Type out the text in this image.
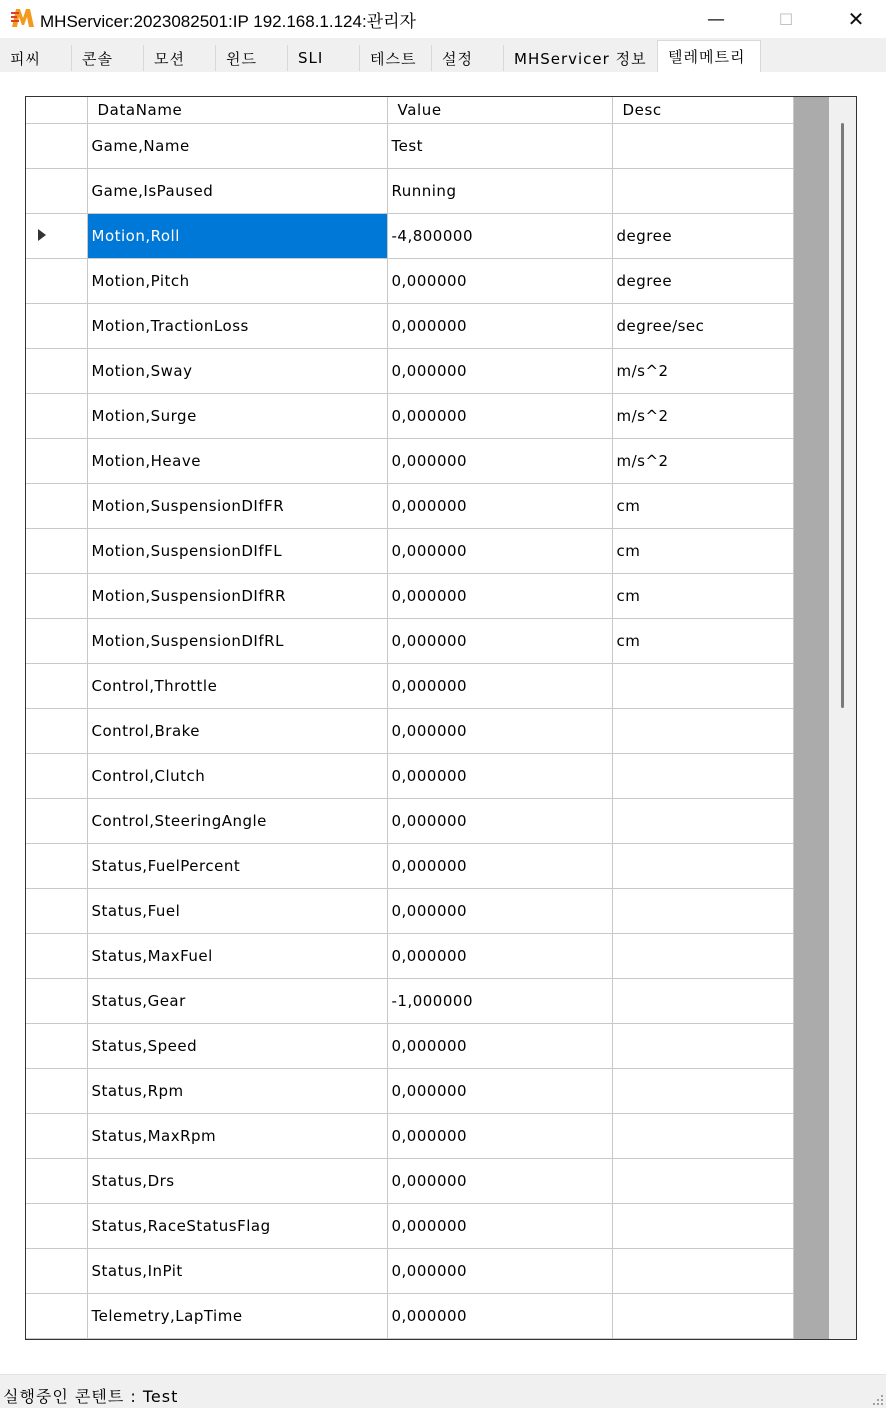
MHServicer:2023082501:IP 192.168.1.124:관리자	—	☐	✕
피씨	콘솔	모션	윈드	SLI	테스트	설정	MHServicer 정보	텔레메트리
	DataName	Value	Desc
	Game,Name	Test	
	Game,IsPaused	Running	
	Motion,Roll	-4,800000	degree
	Motion,Pitch	0,000000	degree
	Motion,TractionLoss	0,000000	degree/sec
	Motion,Sway	0,000000	m/s^2
	Motion,Surge	0,000000	m/s^2
	Motion,Heave	0,000000	m/s^2
	Motion,SuspensionDIfFR	0,000000	cm
	Motion,SuspensionDIfFL	0,000000	cm
	Motion,SuspensionDIfRR	0,000000	cm
	Motion,SuspensionDIfRL	0,000000	cm
	Control,Throttle	0,000000	
	Control,Brake	0,000000	
	Control,Clutch	0,000000	
	Control,SteeringAngle	0,000000	
	Status,FuelPercent	0,000000	
	Status,Fuel	0,000000	
	Status,MaxFuel	0,000000	
	Status,Gear	-1,000000	
	Status,Speed	0,000000	
	Status,Rpm	0,000000	
	Status,MaxRpm	0,000000	
	Status,Drs	0,000000	
	Status,RaceStatusFlag	0,000000	
	Status,InPit	0,000000	
	Telemetry,LapTime	0,000000	
실행중인 콘텐트 : Test
